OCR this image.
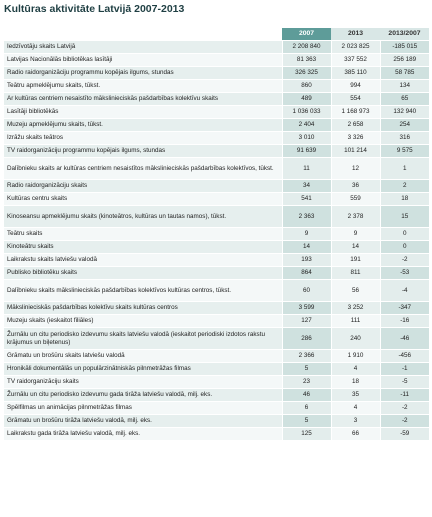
Kultūras aktivitāte Latvijā 2007-2013
	2007	2013	2013/2007
Iedzīvotāju skaits Latvijā	2 208 840	2 023 825	-185 015
Latvijas Nacionālās bibliotēkas lasītāji	81 363	337 552	256 189
Radio raidorganizāciju programmu kopējais ilgums, stundas	326 325	385 110	58 785
Teātru apmeklējumu skaits, tūkst.	860	994	134
Ar kultūras centriem nesaistīto mākslinieciskās pašdarbības kolektīvu skaits	489	554	65
Lasītāji bibliotēkās	1 036 033	1 168 973	132 940
Muzeju apmeklējumu skaits, tūkst.	2 404	2 658	254
Izrāžu skaits teātros	3 010	3 326	316
TV raidorganizāciju programmu kopējais ilgums, stundas	91 639	101 214	9 575
Dalībnieku skaits ar kultūras centriem nesaistītos mākslinieciskās pašdarbības kolektīvos, tūkst.	11	12	1
Radio raidorganizāciju skaits	34	36	2
Kultūras centru skaits	541	559	18
Kinoseansu apmeklējumu skaits (kinoteātros, kultūras un tautas namos), tūkst.	2 363	2 378	15
Teātru skaits	9	9	0
Kinoteātru skaits	14	14	0
Laikrakstu skaits latviešu valodā	193	191	-2
Publisko bibliotēku skaits	864	811	-53
Dalībnieku skaits mākslinieciskās pašdarbības kolektīvos kultūras centros, tūkst.	60	56	-4
Mākslinieciskās pašdarbības kolektīvu skaits kultūras centros	3 599	3 252	-347
Muzeju skaits (ieskaitot filiāles)	127	111	-16
Žurnālu un citu periodisko izdevumu skaits latviešu valodā (ieskaitot periodiski izdotos rakstu krājumus un biļetenus)	286	240	-46
Grāmatu un brošūru skaits latviešu valodā	2 366	1 910	-456
Hronikāli dokumentālās un populārzinātniskās pilnmetrāžas filmas	5	4	-1
TV raidorganizāciju skaits	23	18	-5
Žurnālu un citu periodisko izdevumu gada tirāža latviešu valodā, milj. eks.	46	35	-11
Spēlfilmas un animācijas pilnmetrāžas filmas	6	4	-2
Grāmatu un brošūru tirāža latviešu valodā, milj. eks.	5	3	-2
Laikrakstu gada tirāža latviešu valodā, milj. eks.	125	66	-59
